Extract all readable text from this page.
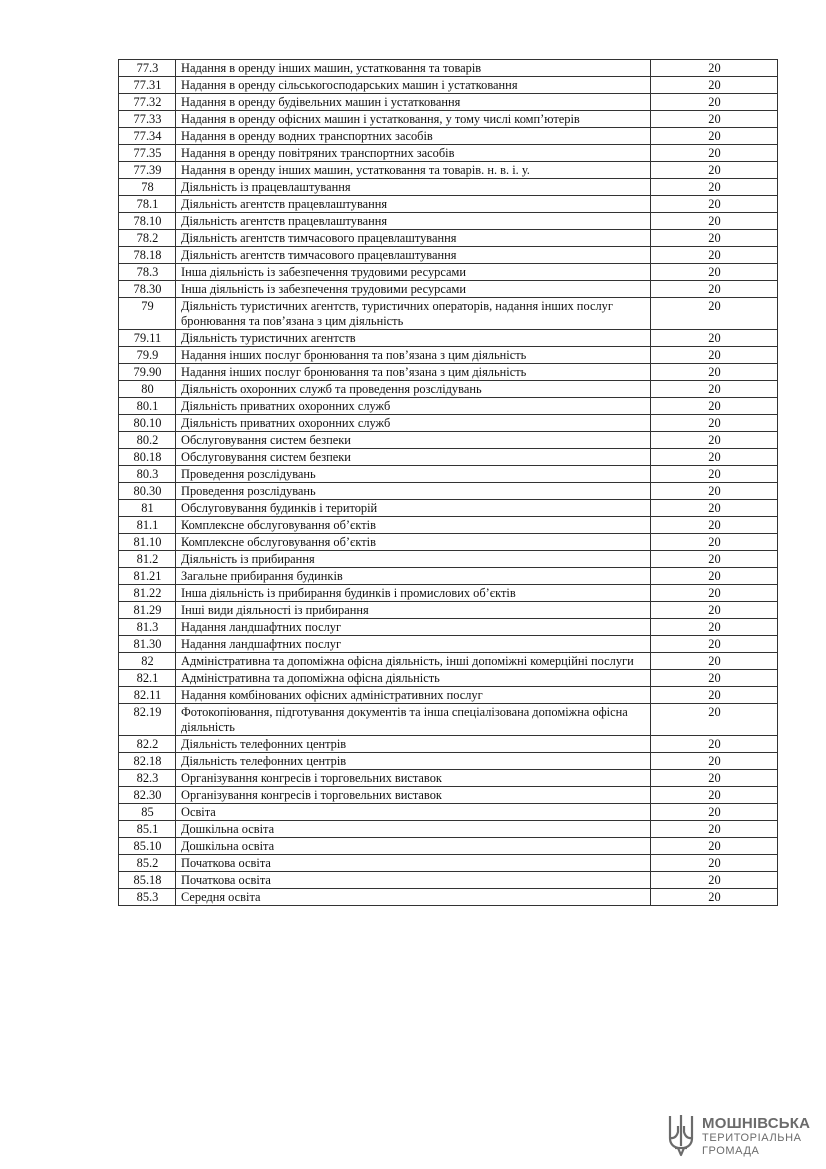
77.3	Надання в оренду інших машин, устатковання та товарів	20
77.31	Надання в оренду сільськогосподарських машин і устатковання	20
77.32	Надання в оренду будівельних машин і устатковання	20
77.33	Надання в оренду офісних машин і устатковання, у тому числі комп’ютерів	20
77.34	Надання в оренду водних транспортних засобів	20
77.35	Надання в оренду повітряних транспортних засобів	20
77.39	Надання в оренду інших машин, устатковання та товарів. н. в. і. у.	20
78	Діяльність із працевлаштування	20
78.1	Діяльність агентств працевлаштування	20
78.10	Діяльність агентств працевлаштування	20
78.2	Діяльність агентств тимчасового працевлаштування	20
78.18	Діяльність агентств тимчасового працевлаштування	20
78.3	Інша діяльність із забезпечення трудовими ресурсами	20
78.30	Інша діяльність із забезпечення трудовими ресурсами	20
79	Діяльність туристичних агентств, туристичних операторів, надання інших послуг бронювання та пов’язана з цим діяльність	20
79.11	Діяльність туристичних агентств	20
79.9	Надання інших послуг бронювання та пов’язана з цим діяльність	20
79.90	Надання інших послуг бронювання та пов’язана з цим діяльність	20
80	Діяльність охоронних служб та проведення розслідувань	20
80.1	Діяльність приватних охоронних служб	20
80.10	Діяльність приватних охоронних служб	20
80.2	Обслуговування систем безпеки	20
80.18	Обслуговування систем безпеки	20
80.3	Проведення розслідувань	20
80.30	Проведення розслідувань	20
81	Обслуговування будинків і територій	20
81.1	Комплексне обслуговування об’єктів	20
81.10	Комплексне обслуговування об’єктів	20
81.2	Діяльність із прибирання	20
81.21	Загальне прибирання будинків	20
81.22	Інша діяльність із прибирання будинків і промислових об’єктів	20
81.29	Інші види діяльності із прибирання	20
81.3	Надання ландшафтних послуг	20
81.30	Надання ландшафтних послуг	20
82	Адміністративна та допоміжна офісна діяльність, інші допоміжні комерційні послуги	20
82.1	Адміністративна та допоміжна офісна діяльність	20
82.11	Надання комбінованих офісних адміністративних послуг	20
82.19	Фотокопіювання, підготування документів та інша спеціалізована допоміжна офісна діяльність	20
82.2	Діяльність телефонних центрів	20
82.18	Діяльність телефонних центрів	20
82.3	Організування конгресів і торговельних виставок	20
82.30	Організування конгресів і торговельних виставок	20
85	Освіта	20
85.1	Дошкільна освіта	20
85.10	Дошкільна освіта	20
85.2	Початкова освіта	20
85.18	Початкова освіта	20
85.3	Середня освіта	20
МОШНІВСЬКА
ТЕРИТОРІАЛЬНА
ГРОМАДА
